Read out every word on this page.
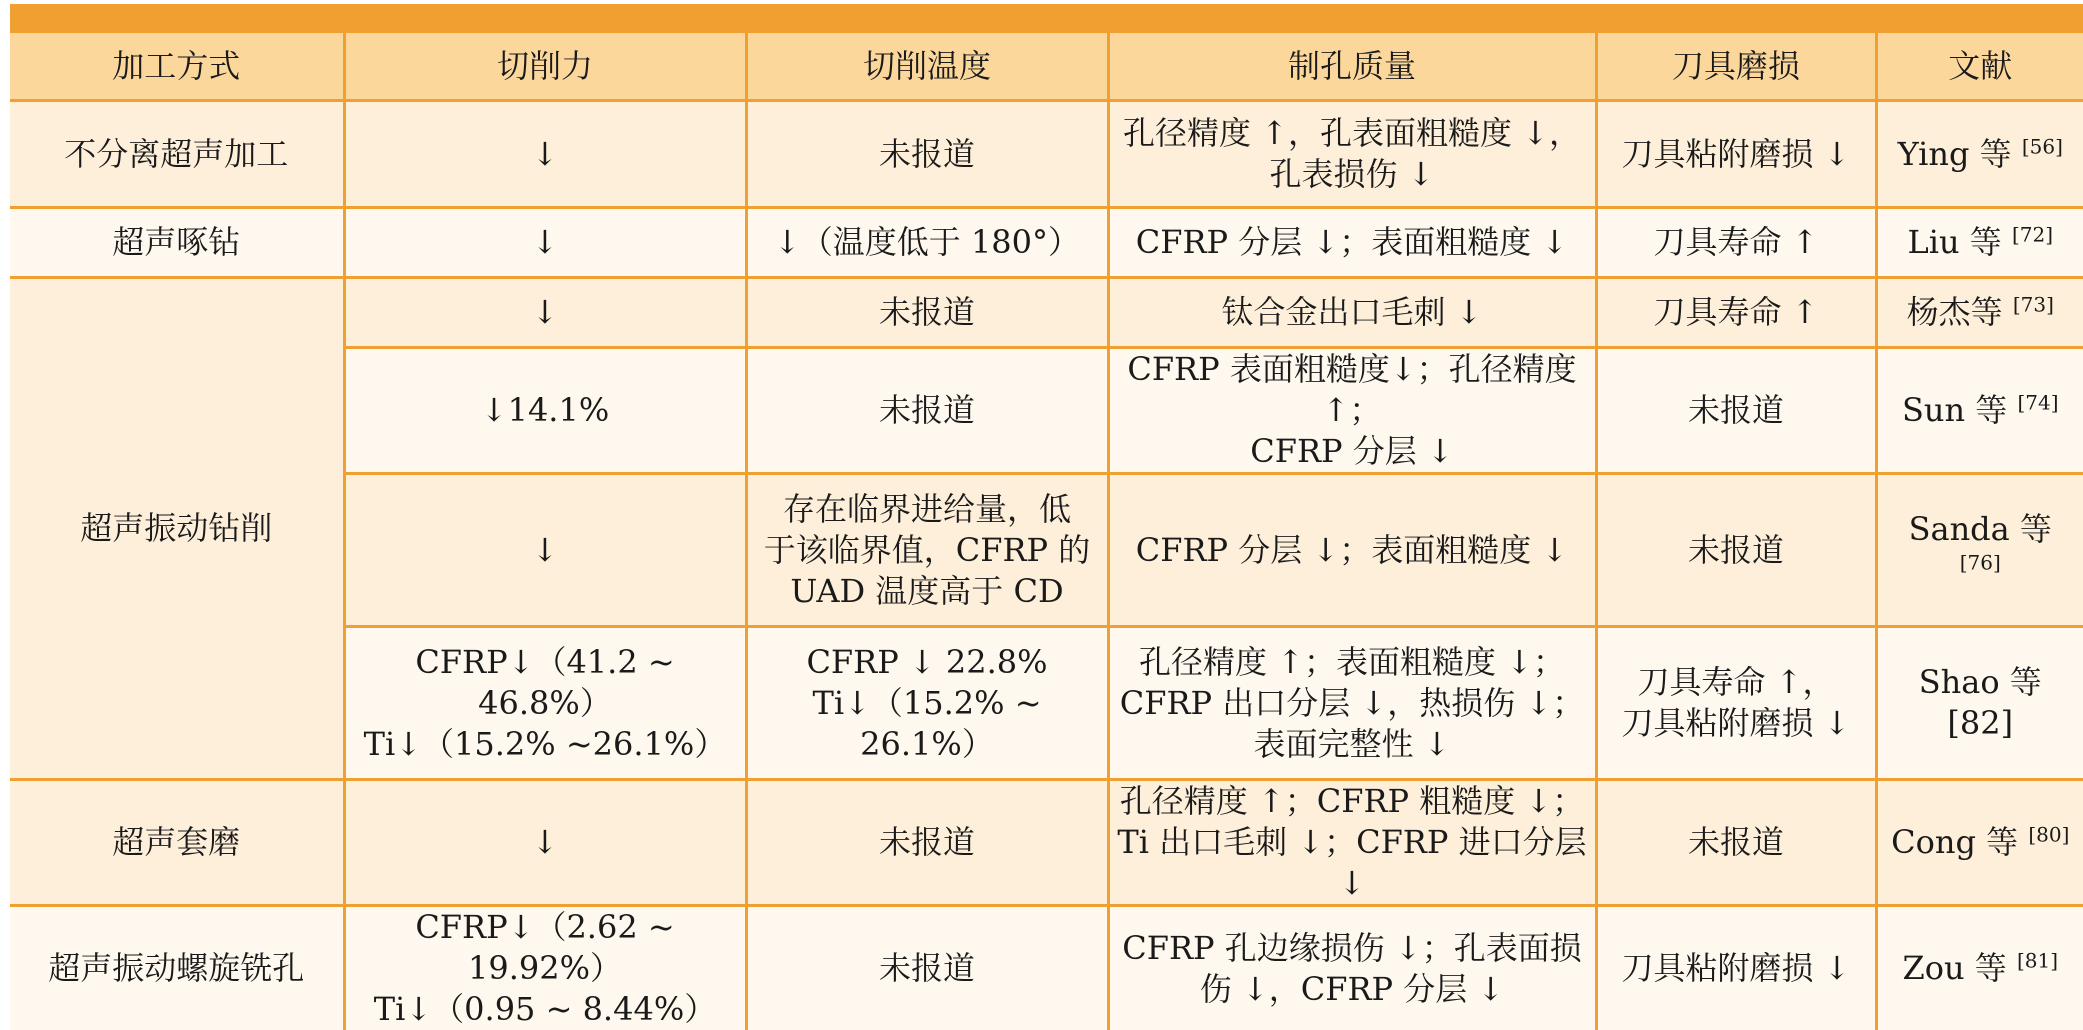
加工方式	切削力	切削温度	制孔质量	刀具磨损	文献
不分离超声加工	↓	未报道	孔径精度 ↑，孔表面粗糙度 ↓，
孔表损伤 ↓	刀具粘附磨损 ↓	Ying 等 [56]
超声啄钻	↓	↓（温度低于 180°）	CFRP 分层 ↓；表面粗糙度 ↓	刀具寿命 ↑	Liu 等 [72]
超声振动钻削	↓	未报道	钛合金出口毛刺 ↓	刀具寿命 ↑	杨杰等 [73]

	↓14.1%	未报道	CFRP 表面粗糙度↓；孔径精度↑；
CFRP 分层 ↓	未报道	Sun 等 [74]

	↓	存在临界进给量，低
于该临界值，CFRP 的
UAD 温度高于 CD	CFRP 分层 ↓；表面粗糙度 ↓	未报道	Sanda 等 [76]

	CFRP↓（41.2 ~ 46.8%）
Ti↓（15.2% ~26.1%）	CFRP ↓ 22.8%
Ti↓（15.2% ~ 26.1%）	孔径精度 ↑；表面粗糙度 ↓；
CFRP 出口分层 ↓，热损伤 ↓；
表面完整性 ↓	刀具寿命 ↑，
刀具粘附磨损 ↓	Shao 等 [82]
超声套磨	↓	未报道	孔径精度 ↑；CFRP 粗糙度 ↓；
Ti 出口毛刺 ↓；CFRP 进口分层 ↓	未报道	Cong 等 [80]
超声振动螺旋铣孔	CFRP↓（2.62 ~ 19.92%）
Ti↓（0.95 ~ 8.44%）	未报道	CFRP 孔边缘损伤 ↓；孔表面损
伤 ↓，CFRP 分层 ↓	刀具粘附磨损 ↓	Zou 等 [81]
